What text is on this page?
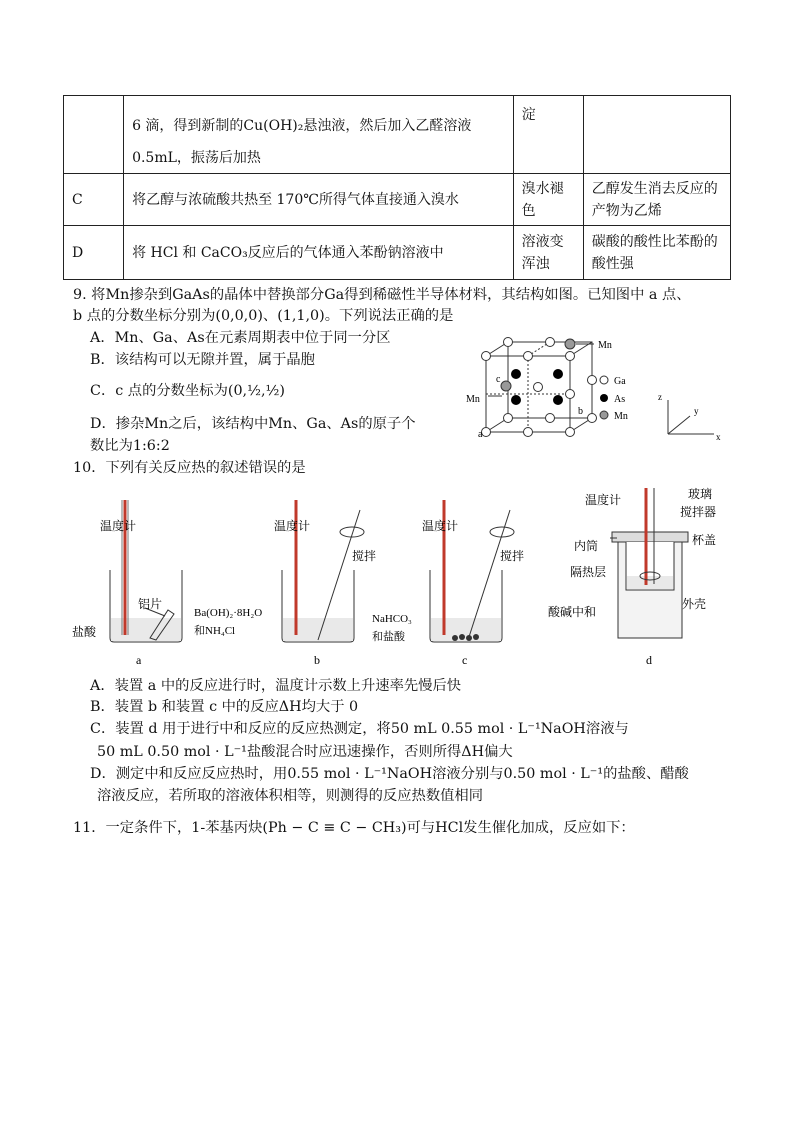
	6 滴，得到新制的Cu(OH)₂悬浊液，然后加入乙醛溶液
0.5mL，振荡后加热	淀	
C	将乙醇与浓硫酸共热至 170℃所得气体直接通入溴水	溴水褪色	乙醇发生消去反应的产物为乙烯
D	将 HCl 和 CaCO₃反应后的气体通入苯酚钠溶液中	溶液变浑浊	碳酸的酸性比苯酚的酸性强
9. 将Mn掺杂到GaAs的晶体中替换部分Ga得到稀磁性半导体材料，其结构如图。已知图中 a 点、
b 点的分数坐标分别为(0,0,0)、(1,1,0)。下列说法正确的是
A．Mn、Ga、As在元素周期表中位于同一分区
B．该结构可以无隙并置，属于晶胞
C．c 点的分数坐标为(0,½,½)
D．掺杂Mn之后，该结构中Mn、Ga、As的原子个
数比为1:6:2
Mn
Mn
c
b
a
Ga
As
Mn
z
y
x
10．下列有关反应热的叙述错误的是
温度计
铝片
盐酸
a
温度计
搅拌
Ba(OH)₂·8H₂O
和NH₄Cl
b
温度计
搅拌
NaHCO₃
和盐酸
c
温度计	玻璃
搅拌器
内筒	杯盖
隔热层
酸碱中和
外壳
d
A．装置 a 中的反应进行时，温度计示数上升速率先慢后快
B．装置 b 和装置 c 中的反应ΔH均大于 0
C．装置 d 用于进行中和反应的反应热测定，将50 mL 0.55 mol · L⁻¹NaOH溶液与
50 mL 0.50 mol · L⁻¹盐酸混合时应迅速操作，否则所得ΔH偏大
D．测定中和反应反应热时，用0.55 mol · L⁻¹NaOH溶液分别与0.50 mol · L⁻¹的盐酸、醋酸
溶液反应，若所取的溶液体积相等，则测得的反应热数值相同
11．一定条件下，1-苯基丙炔(Ph − C ≡ C − CH₃)可与HCl发生催化加成，反应如下：
